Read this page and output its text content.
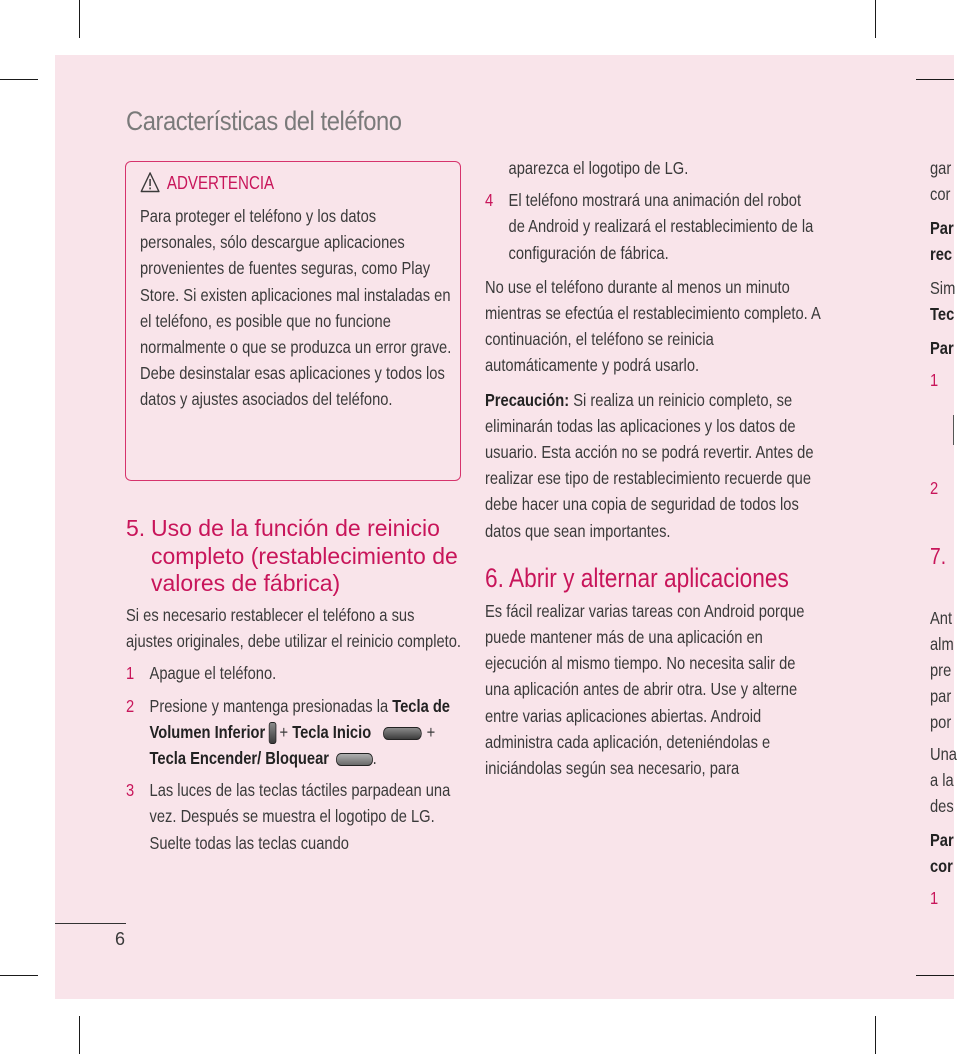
Características del teléfono
ADVERTENCIA

Para proteger el teléfono y los datos personales, sólo descargue aplicaciones provenientes de fuentes seguras, como Play Store. Si existen aplicaciones mal instaladas en el teléfono, es posible que no funcione normalmente o que se produzca un error grave. Debe desinstalar esas aplicaciones y todos los datos y ajustes asociados del teléfono.

5. Uso de la función de reinicio completo (restablecimiento de valores de fábrica)

Si es necesario restablecer el teléfono a sus ajustes originales, debe utilizar el reinicio completo.

1 Apague el teléfono.
2 Presione y mantenga presionadas la Tecla de Volumen Inferior + Tecla Inicio	+ Tecla Encender/ Bloquear .
3 Las luces de las teclas táctiles parpadean una vez. Después se muestra el logotipo de LG. Suelte todas las teclas cuando
aparezca el logotipo de LG.
4 El teléfono mostrará una animación del robot de Android y realizará el restablecimiento de la configuración de fábrica.

No use el teléfono durante al menos un minuto mientras se efectúa el restablecimiento completo. A continuación, el teléfono se reinicia automáticamente y podrá usarlo.

Precaución: Si realiza un reinicio completo, se eliminarán todas las aplicaciones y los datos de usuario. Esta acción no se podrá revertir. Antes de realizar ese tipo de restablecimiento recuerde que debe hacer una copia de seguridad de todos los datos que sean importantes.

6. Abrir y alternar aplicaciones

Es fácil realizar varias tareas con Android porque puede mantener más de una aplicación en ejecución al mismo tiempo. No necesita salir de una aplicación antes de abrir otra. Use y alterne entre varias aplicaciones abiertas. Android administra cada aplicación, deteniéndolas e iniciándolas según sea necesario, para

gar
cor
Par
rec
Sim
Tec
Par
1
2
7.
Ant
alm
pre
par
por
Una
a la
des
Par
cor
1
6
